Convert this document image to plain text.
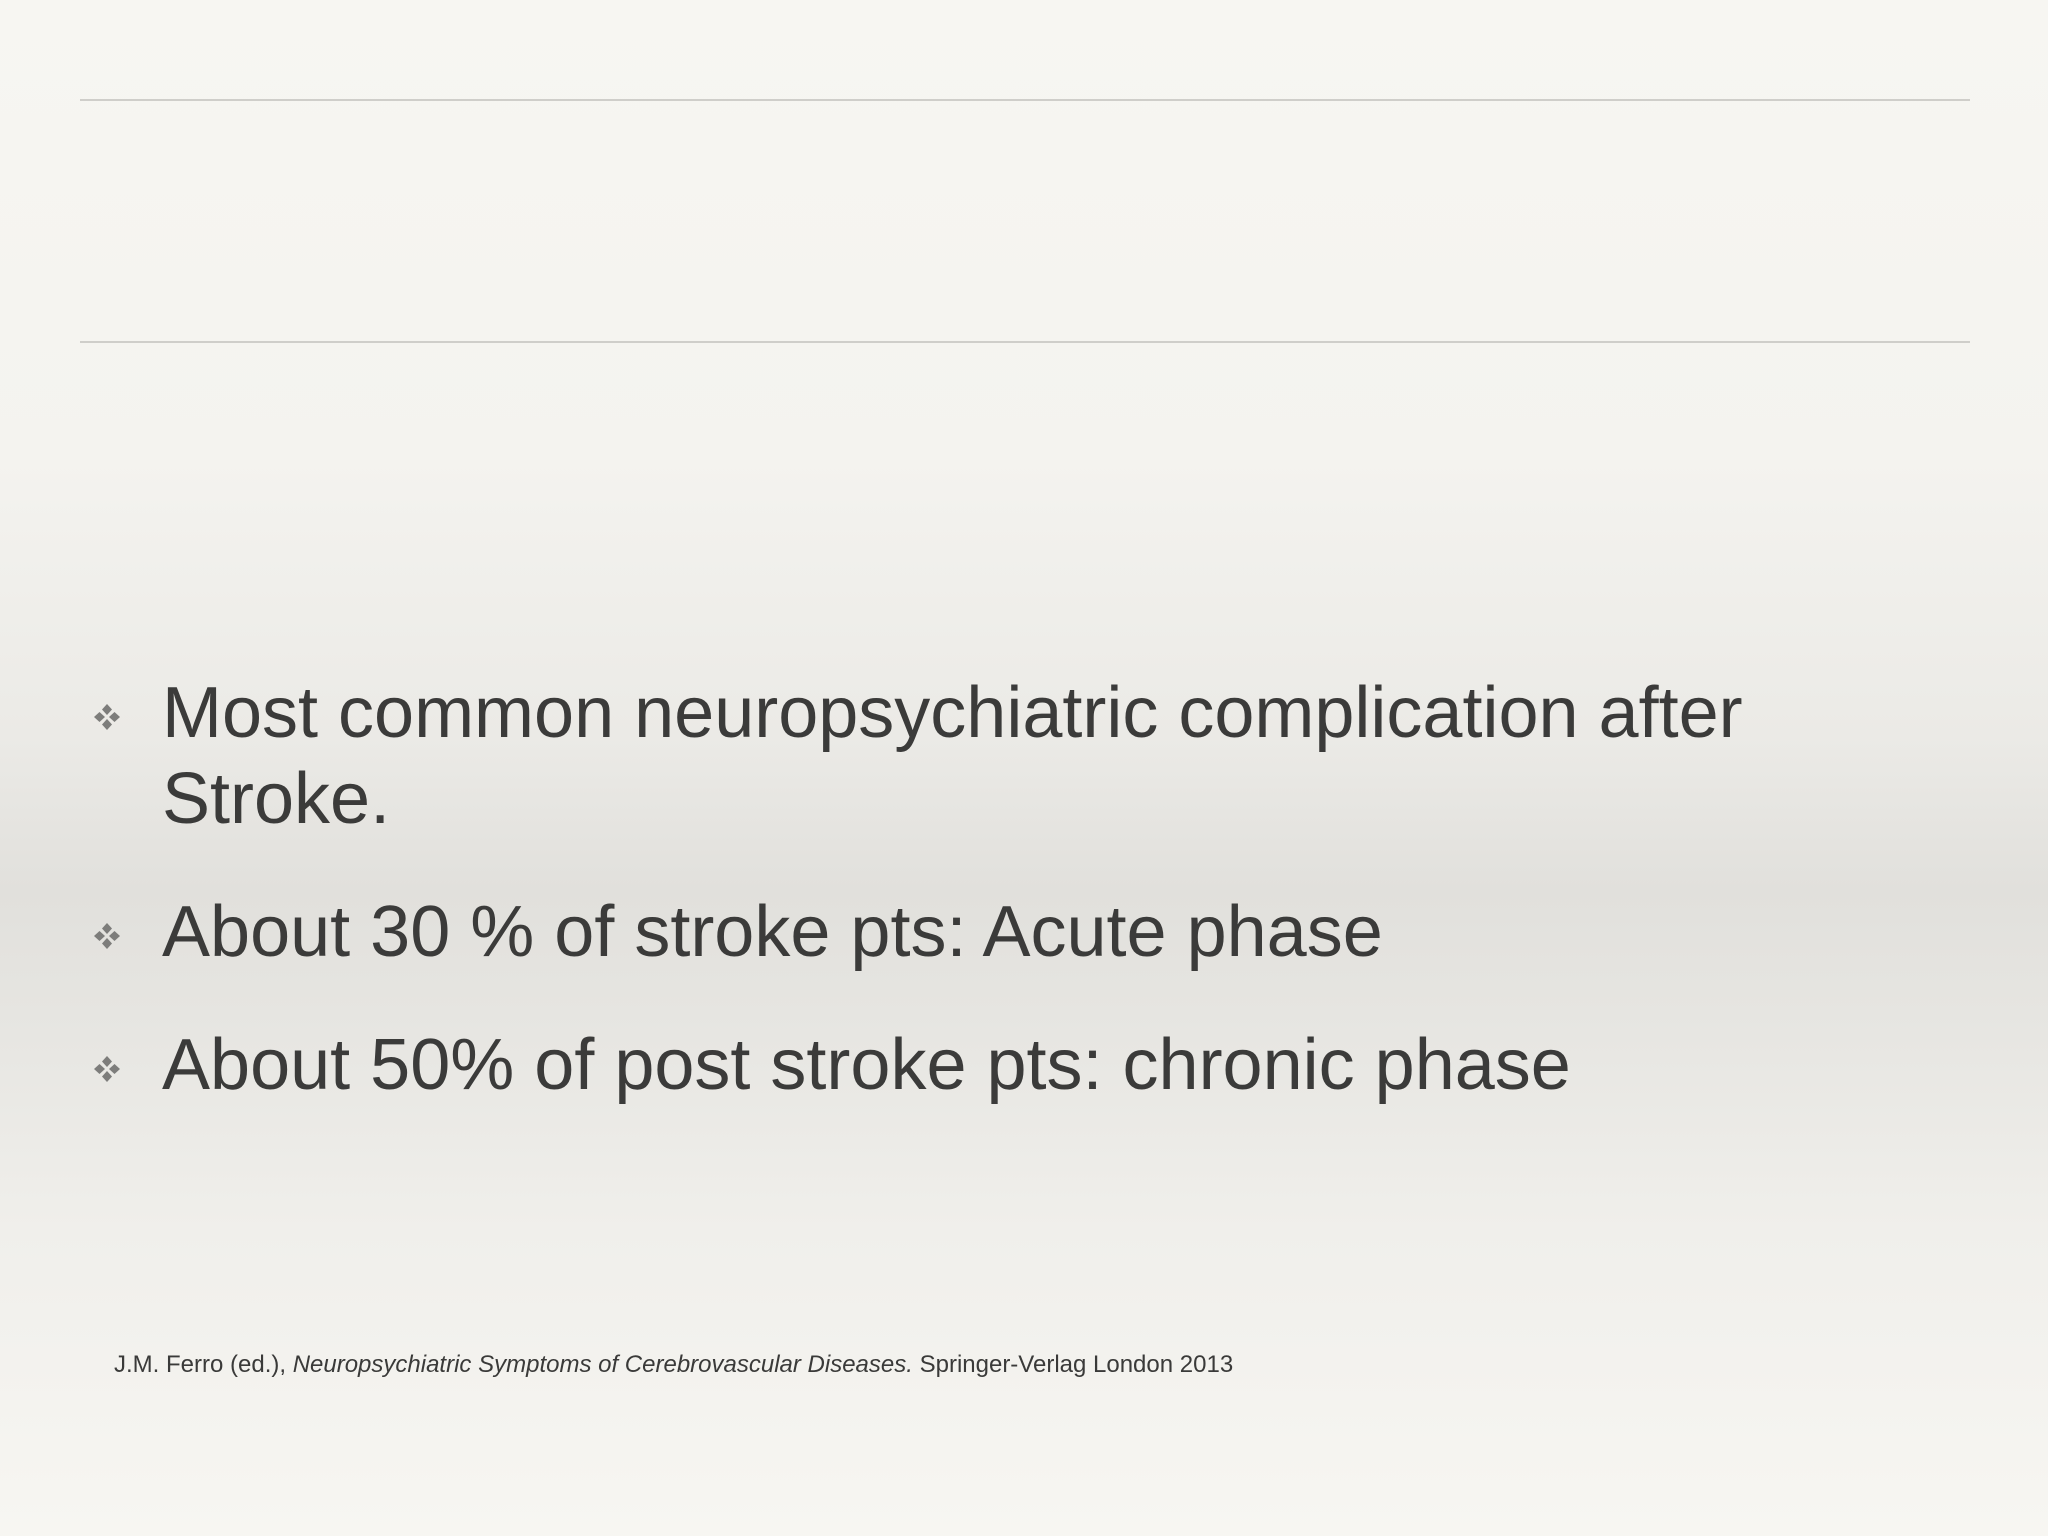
Most common neuropsychiatric complication after Stroke.
About 30 % of stroke pts: Acute phase
About 50% of post stroke pts: chronic phase
J.M. Ferro (ed.), Neuropsychiatric Symptoms of Cerebrovascular Diseases. Springer-Verlag London 2013
